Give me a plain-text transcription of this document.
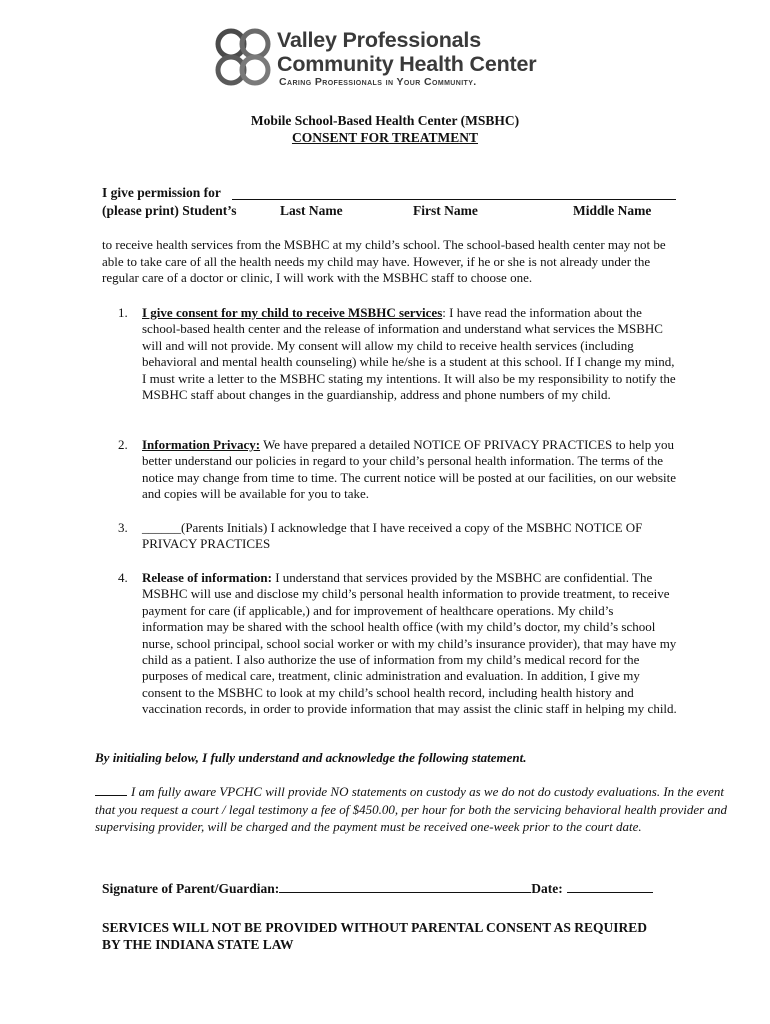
Valley Professionals
Community Health Center
Caring Professionals in Your Community.
Mobile School-Based Health Center (MSBHC)
CONSENT FOR TREATMENT
I give permission for
(please print) Student’s	Last Name	First Name	Middle Name
to receive health services from the MSBHC at my child’s school. The school-based health center may not be able to take care of all the health needs my child may have. However, if he or she is not already under the regular care of a doctor or clinic, I will work with the MSBHC staff to choose one.
1. I give consent for my child to receive MSBHC services: I have read the information about the school-based health center and the release of information and understand what services the MSBHC will and will not provide. My consent will allow my child to receive health services (including behavioral and mental health counseling) while he/she is a student at this school. If I change my mind, I must write a letter to the MSBHC stating my intentions. It will also be my responsibility to notify the MSBHC staff about changes in the guardianship, address and phone numbers of my child.
2. Information Privacy: We have prepared a detailed NOTICE OF PRIVACY PRACTICES to help you better understand our policies in regard to your child’s personal health information. The terms of the notice may change from time to time. The current notice will be posted at our facilities, on our website and copies will be available for you to take.
3. ______(Parents Initials) I acknowledge that I have received a copy of the MSBHC NOTICE OF PRIVACY PRACTICES
4. Release of information: I understand that services provided by the MSBHC are confidential. The MSBHC will use and disclose my child’s personal health information to provide treatment, to receive payment for care (if applicable,) and for improvement of healthcare operations. My child’s information may be shared with the school health office (with my child’s doctor, my child’s school nurse, school principal, school social worker or with my child’s insurance provider), that may have my child as a patient. I also authorize the use of information from my child’s medical record for the purposes of medical care, treatment, clinic administration and evaluation. In addition, I give my consent to the MSBHC to look at my child’s school health record, including health history and vaccination records, in order to provide information that may assist the clinic staff in helping my child.
By initialing below, I fully understand and acknowledge the following statement.
I am fully aware VPCHC will provide NO statements on custody as we do not do custody evaluations. In the event that you request a court / legal testimony a fee of $450.00, per hour for both the servicing behavioral health provider and supervising provider, will be charged and the payment must be received one-week prior to the court date.
Signature of Parent/Guardian:	Date:
SERVICES WILL NOT BE PROVIDED WITHOUT PARENTAL CONSENT AS REQUIRED BY THE INDIANA STATE LAW
